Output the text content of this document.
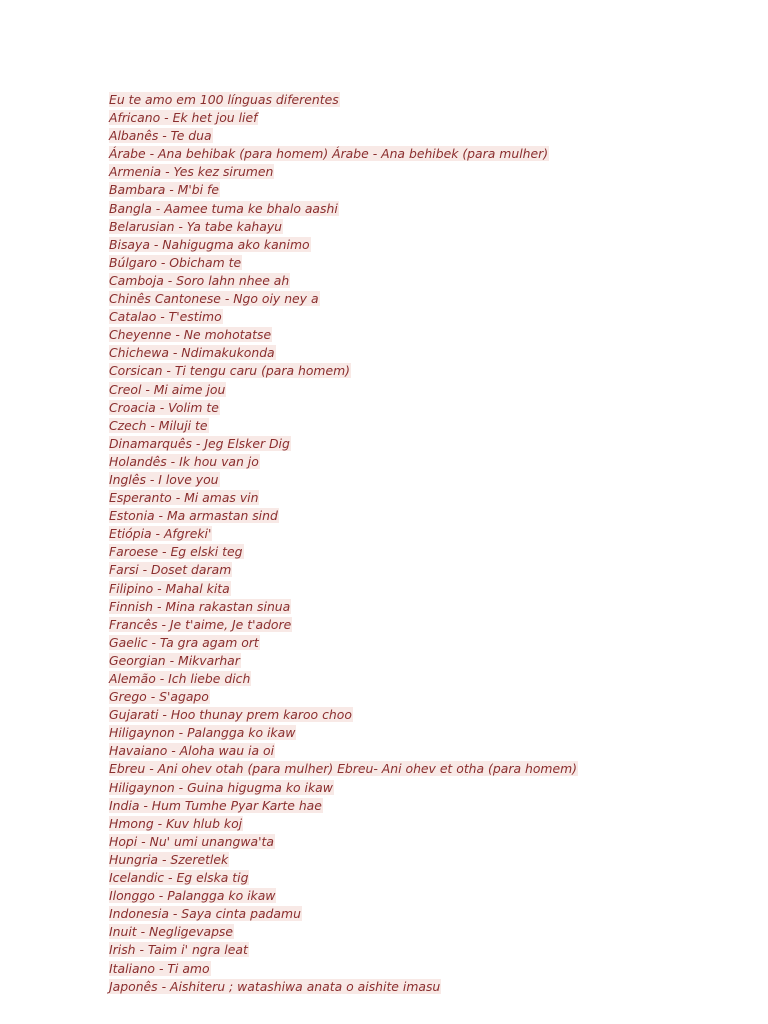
Eu te amo em 100 línguas diferentes
Africano - Ek het jou lief
Albanês - Te dua
Árabe - Ana behibak (para homem) Árabe - Ana behibek (para mulher)
Armenia - Yes kez sirumen
Bambara - M'bi fe
Bangla - Aamee tuma ke bhalo aashi
Belarusian - Ya tabe kahayu
Bisaya - Nahigugma ako kanimo
Búlgaro - Obicham te
Camboja - Soro lahn nhee ah
Chinês Cantonese - Ngo oiy ney a
Catalao - T'estimo
Cheyenne - Ne mohotatse
Chichewa - Ndimakukonda
Corsican - Ti tengu caru (para homem)
Creol - Mi aime jou
Croacia - Volim te
Czech - Miluji te
Dinamarquês - Jeg Elsker Dig
Holandês - Ik hou van jo
Inglês - I love you
Esperanto - Mi amas vin
Estonia - Ma armastan sind
Etiópia - Afgreki'
Faroese - Eg elski teg
Farsi - Doset daram
Filipino - Mahal kita
Finnish - Mina rakastan sinua
Francês - Je t'aime, Je t'adore
Gaelic - Ta gra agam ort
Georgian - Mikvarhar
Alemão - Ich liebe dich
Grego - S'agapo
Gujarati - Hoo thunay prem karoo choo
Hiligaynon - Palangga ko ikaw
Havaiano - Aloha wau ia oi
Ebreu - Ani ohev otah (para mulher) Ebreu- Ani ohev et otha (para homem)
Hiligaynon - Guina higugma ko ikaw
India - Hum Tumhe Pyar Karte hae
Hmong - Kuv hlub koj
Hopi - Nu' umi unangwa'ta
Hungria - Szeretlek
Icelandic - Eg elska tig
Ilonggo - Palangga ko ikaw
Indonesia - Saya cinta padamu
Inuit - Negligevapse
Irish - Taim i' ngra leat
Italiano - Ti amo
Japonês - Aishiteru ; watashiwa anata o aishite imasu
